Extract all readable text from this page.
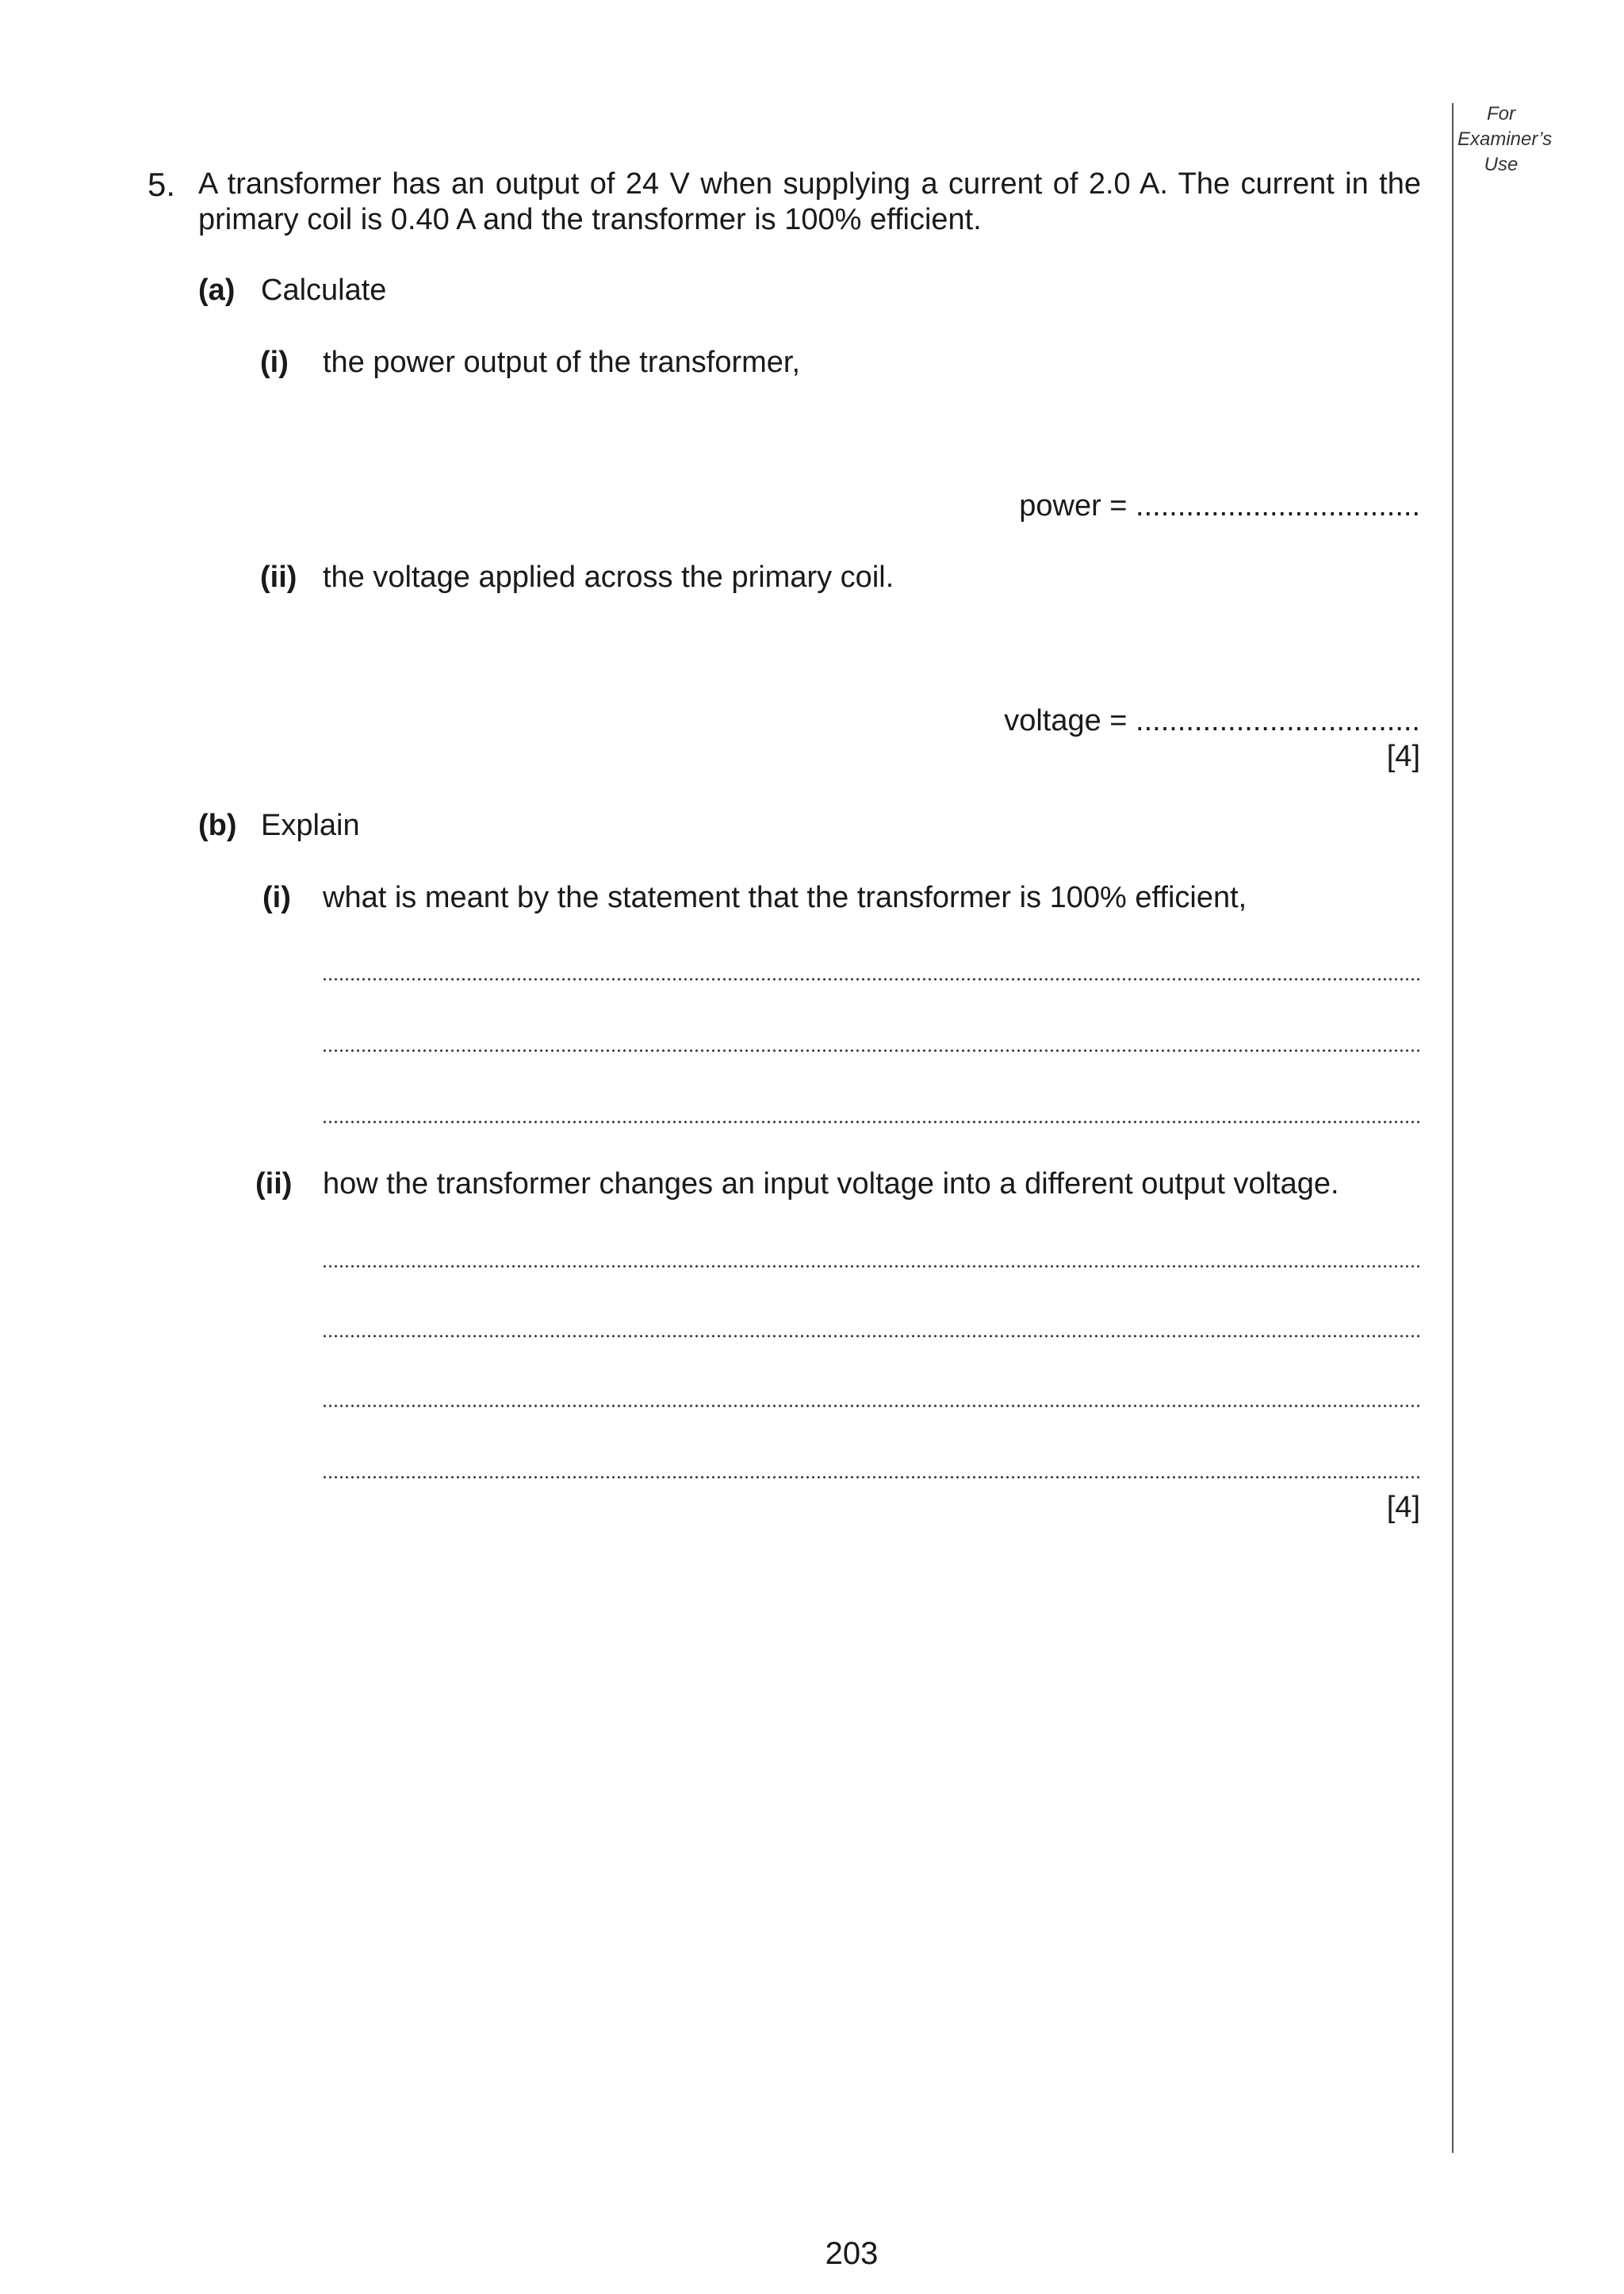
For
Examiner’s
Use
5. A transformer has an output of 24 V when supplying a current of 2.0 A. The current in the primary coil is 0.40 A and the transformer is 100% efficient.
(a) Calculate
(i) the power output of the transformer,
power = ..................................
(ii) the voltage applied across the primary coil.
voltage = ..................................
[4]
(b) Explain
(i) what is meant by the statement that the transformer is 100% efficient,
(ii) how the transformer changes an input voltage into a different output voltage.
[4]
203
